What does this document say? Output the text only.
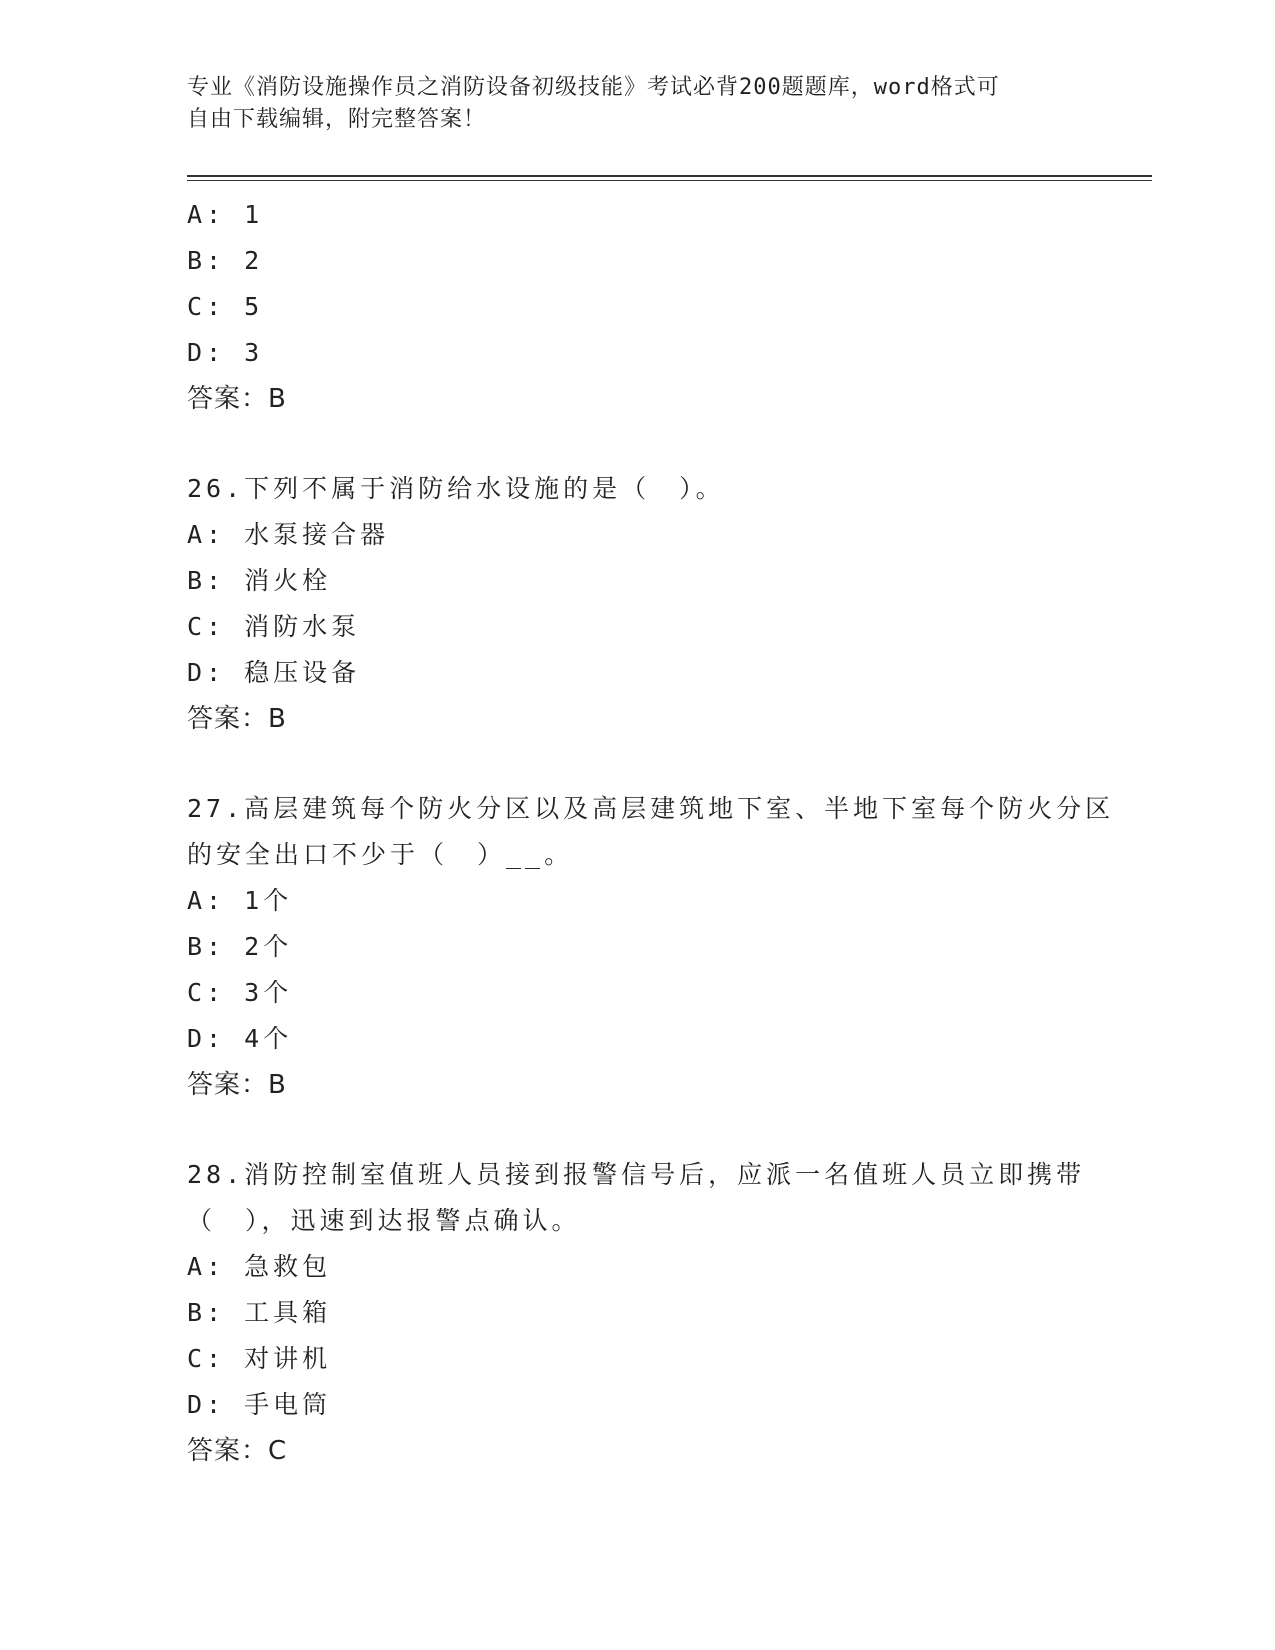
专业《消防设施操作员之消防设备初级技能》考试必背200题题库，word格式可
自由下载编辑，附完整答案！
A: 1
B: 2
C: 5
D: 3
答案：B
26.下列不属于消防给水设施的是（　）。
A: 水泵接合器
B: 消火栓
C: 消防水泵
D: 稳压设备
答案：B
27.高层建筑每个防火分区以及高层建筑地下室、半地下室每个防火分区的安全出口不少于（　）__。
A: 1个
B: 2个
C: 3个
D: 4个
答案：B
28.消防控制室值班人员接到报警信号后，应派一名值班人员立即携带（　），迅速到达报警点确认。
A: 急救包
B: 工具箱
C: 对讲机
D: 手电筒
答案：C
